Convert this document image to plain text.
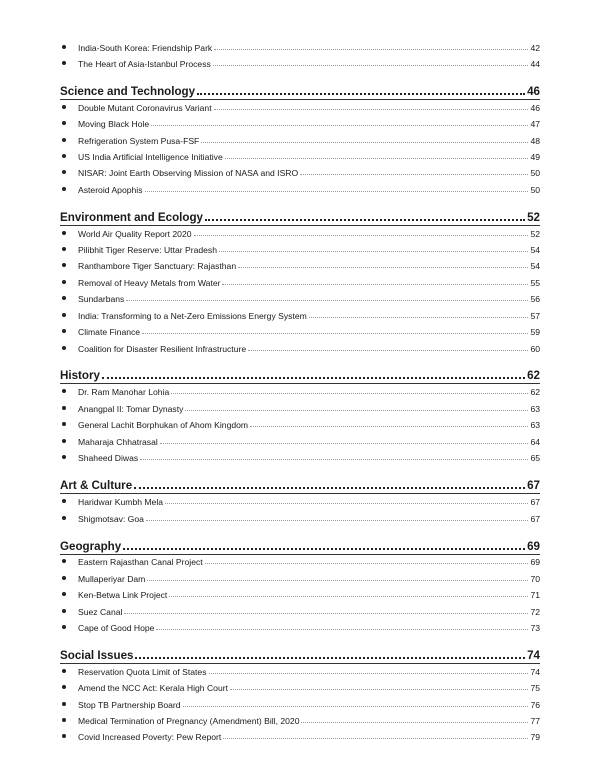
India-South Korea: Friendship Park	42
The Heart of Asia-Istanbul Process	44
Science and Technology	46
Double Mutant Coronavirus Variant	46
Moving Black Hole	47
Refrigeration System Pusa-FSF	48
US India Artificial Intelligence Initiative	49
NISAR: Joint Earth Observing Mission of NASA and ISRO	50
Asteroid Apophis	50
Environment and Ecology	52
World Air Quality Report 2020	52
Pilibhit Tiger Reserve: Uttar Pradesh	54
Ranthambore Tiger Sanctuary: Rajasthan	54
Removal of Heavy Metals from Water	55
Sundarbans	56
India: Transforming to a Net-Zero Emissions Energy System	57
Climate Finance	59
Coalition for Disaster Resilient Infrastructure	60
History	62
Dr. Ram Manohar Lohia	62
Anangpal II: Tomar Dynasty	63
General Lachit Borphukan of Ahom Kingdom	63
Maharaja Chhatrasal	64
Shaheed Diwas	65
Art & Culture	67
Haridwar Kumbh Mela	67
Shigmotsav: Goa	67
Geography	69
Eastern Rajasthan Canal Project	69
Mullaperiyar Dam	70
Ken-Betwa Link Project	71
Suez Canal	72
Cape of Good Hope	73
Social Issues	74
Reservation Quota Limit of States	74
Amend the NCC Act: Kerala High Court	75
Stop TB Partnership Board	76
Medical Termination of Pregnancy (Amendment) Bill, 2020	77
Covid Increased Poverty: Pew Report	79
